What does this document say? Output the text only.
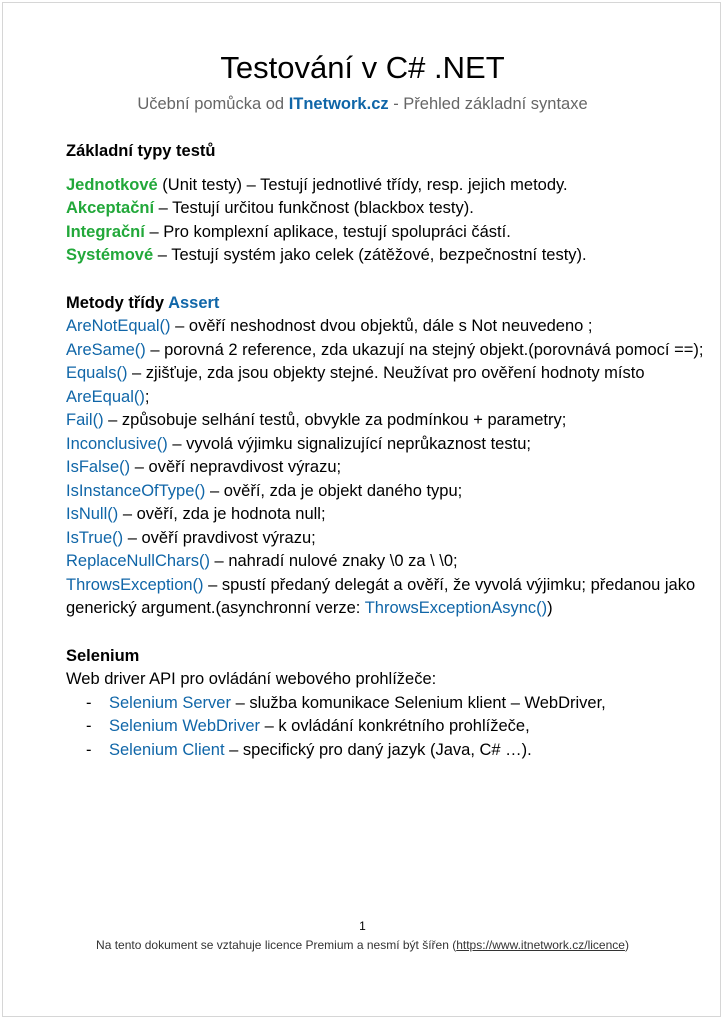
Testování v C# .NET
Učební pomůcka od ITnetwork.cz - Přehled základní syntaxe

Základní typy testů

Jednotkové (Unit testy) – Testují jednotlivé třídy, resp. jejich metody.

Akceptační – Testují určitou funkčnost (blackbox testy).

Integrační – Pro komplexní aplikace, testují spolupráci částí.

Systémové – Testují systém jako celek (zátěžové, bezpečnostní testy).

Metody třídy Assert

AreNotEqual() – ověří neshodnost dvou objektů, dále s Not neuvedeno ;

AreSame() – porovná 2 reference, zda ukazují na stejný objekt.(porovnává pomocí ==);

Equals() – zjišťuje, zda jsou objekty stejné. Neužívat pro ověření hodnoty místo AreEqual();

Fail() – způsobuje selhání testů, obvykle za podmínkou + parametry;

Inconclusive() – vyvolá výjimku signalizující neprůkaznost testu;

IsFalse() – ověří nepravdivost výrazu;

IsInstanceOfType() – ověří, zda je objekt daného typu;

IsNull() – ověří, zda je hodnota null;

IsTrue() – ověří pravdivost výrazu;

ReplaceNullChars() – nahradí nulové znaky \0 za \ \0;

ThrowsException() – spustí předaný delegát a ověří, že vyvolá výjimku; předanou jako generický argument.(asynchronní verze: ThrowsExceptionAsync())

Selenium

Web driver API pro ovládání webového prohlížeče:

- Selenium Server – služba komunikace Selenium klient – WebDriver,
- Selenium WebDriver – k ovládání konkrétního prohlížeče,
- Selenium Client – specifický pro daný jazyk (Java, C# …).
1
Na tento dokument se vztahuje licence Premium a nesmí být šířen (https://www.itnetwork.cz/licence)
